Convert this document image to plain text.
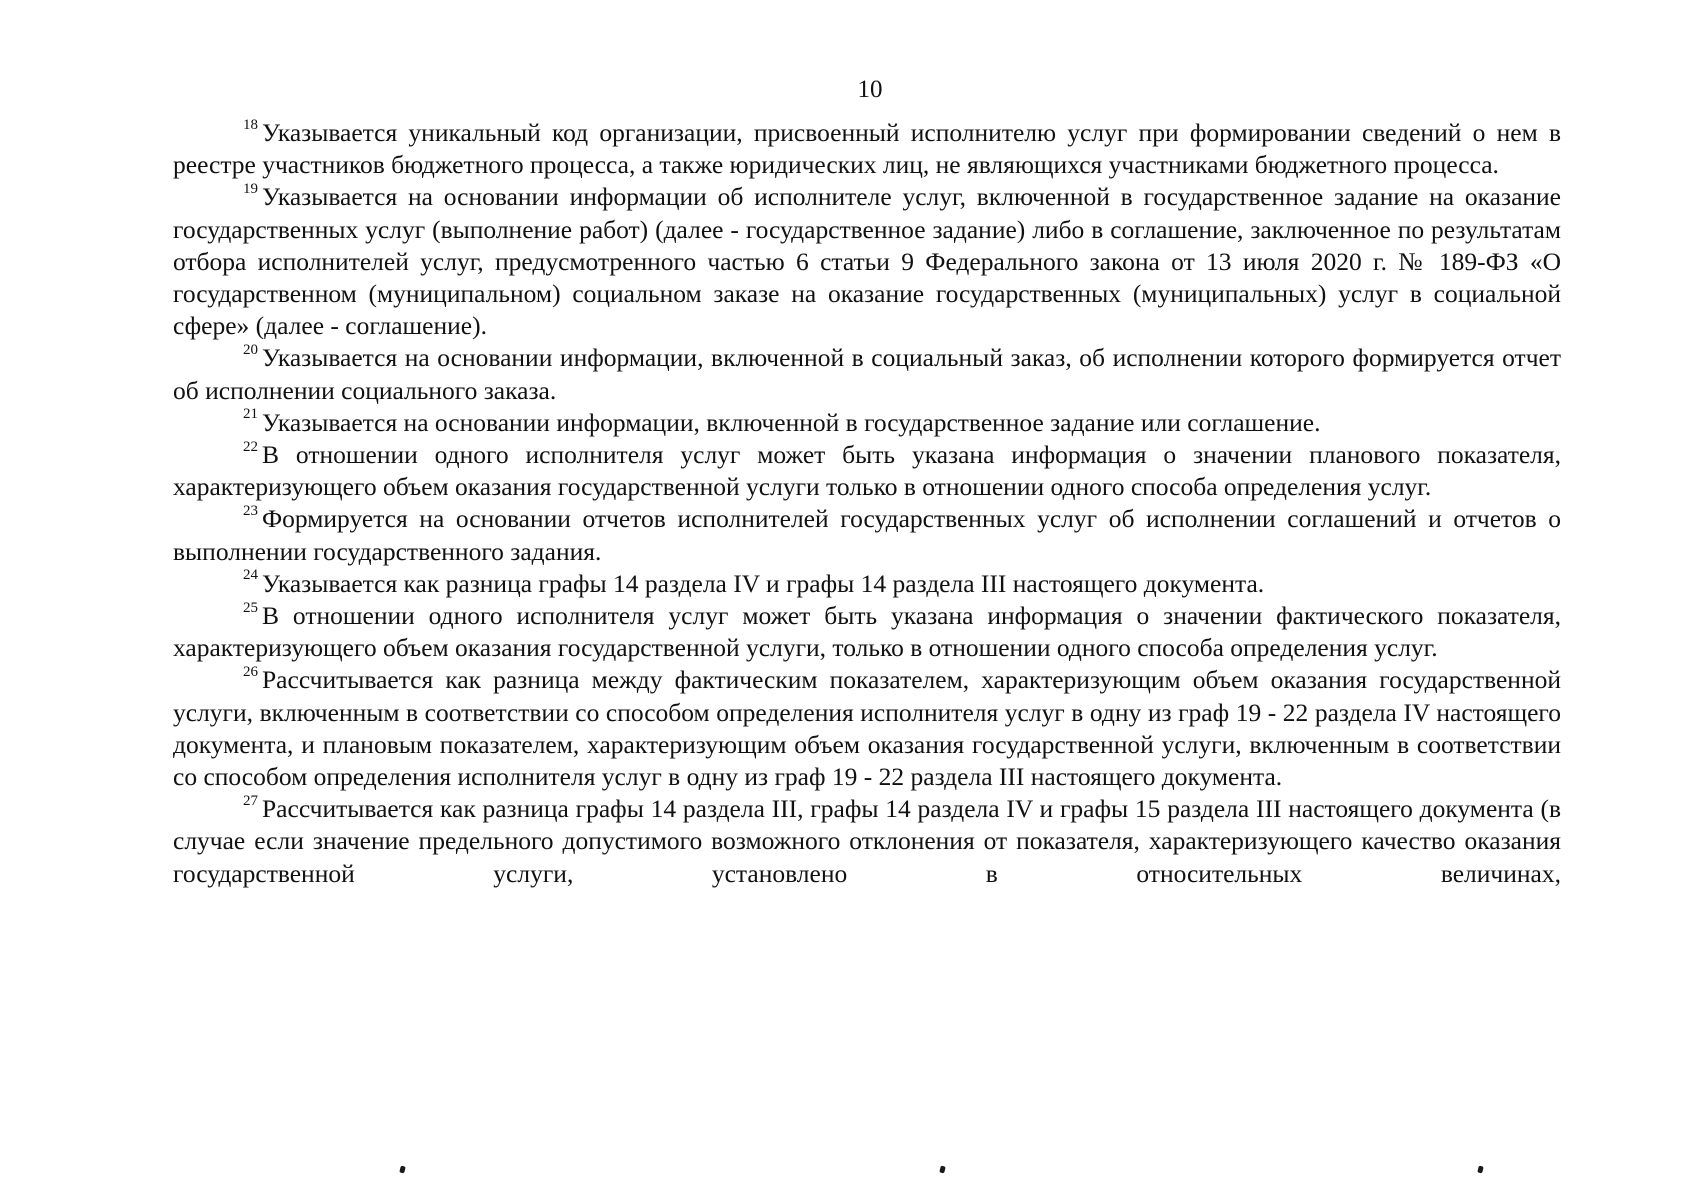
10

$^{18}$ Указывается уникальный код организации, присвоенный исполнителю услуг при формировании сведений о нем в реестре участников бюджетного процесса, а также юридических лиц, не являющихся участниками бюджетного процесса.

$^{19}$ Указывается на основании информации об исполнителе услуг, включенной в государственное задание на оказание государственных услуг (выполнение работ) (далее - государственное задание) либо в соглашение, заключенное по результатам отбора исполнителей услуг, предусмотренного частью 6 статьи 9 Федерального закона от 13 июля 2020 г. № 189-ФЗ «О государственном (муниципальном) социальном заказе на оказание государственных (муниципальных) услуг в социальной сфере» (далее - соглашение).

$^{20}$ Указывается на основании информации, включенной в социальный заказ, об исполнении которого формируется отчет об исполнении социального заказа.

$^{21}$ Указывается на основании информации, включенной в государственное задание или соглашение.

$^{22}$ В отношении одного исполнителя услуг может быть указана информация о значении планового показателя, характеризующего объем оказания государственной услуги только в отношении одного способа определения услуг.

$^{23}$ Формируется на основании отчетов исполнителей государственных услуг об исполнении соглашений и отчетов о выполнении государственного задания.

$^{24}$ Указывается как разница графы 14 раздела IV и графы 14 раздела III настоящего документа.

$^{25}$ В отношении одного исполнителя услуг может быть указана информация о значении фактического показателя, характеризующего объем оказания государственной услуги, только в отношении одного способа определения услуг.

$^{26}$ Рассчитывается как разница между фактическим показателем, характеризующим объем оказания государственной услуги, включенным в соответствии со способом определения исполнителя услуг в одну из граф 19 - 22 раздела IV настоящего документа, и плановым показателем, характеризующим объем оказания государственной услуги, включенным в соответствии со способом определения исполнителя услуг в одну из граф 19 - 22 раздела III настоящего документа.

$^{27}$ Рассчитывается как разница графы 14 раздела III, графы 14 раздела IV и графы 15 раздела III настоящего документа (в случае если значение предельного допустимого возможного отклонения от показателя, характеризующего качество оказания государственной услуги, установлено в относительных величинах,
